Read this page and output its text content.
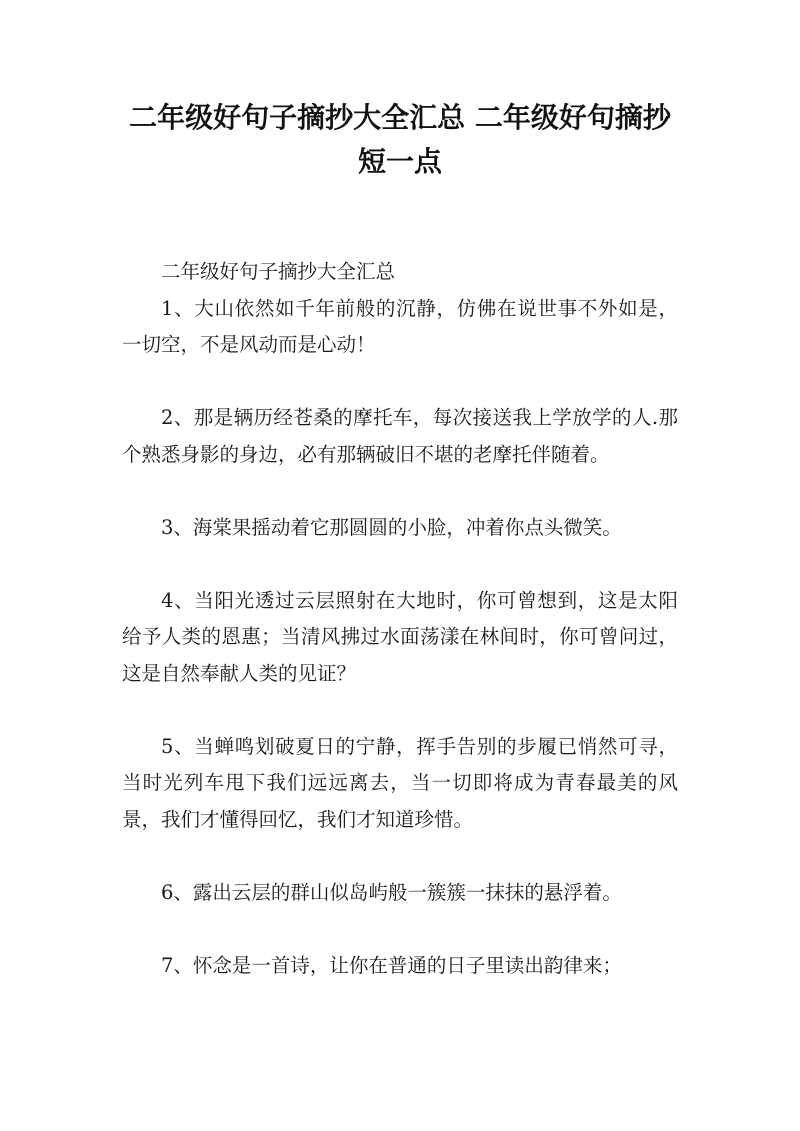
二年级好句子摘抄大全汇总 二年级好句摘抄短一点

二年级好句子摘抄大全汇总

1、大山依然如千年前般的沉静，仿佛在说世事不外如是，一切空，不是风动而是心动！

2、那是辆历经苍桑的摩托车，每次接送我上学放学的人.那个熟悉身影的身边，必有那辆破旧不堪的老摩托伴随着。

3、海棠果摇动着它那圆圆的小脸，冲着你点头微笑。

4、当阳光透过云层照射在大地时，你可曾想到，这是太阳给予人类的恩惠；当清风拂过水面荡漾在林间时，你可曾问过，这是自然奉献人类的见证？

5、当蝉鸣划破夏日的宁静，挥手告别的步履已悄然可寻，当时光列车甩下我们远远离去，当一切即将成为青春最美的风景，我们才懂得回忆，我们才知道珍惜。

6、露出云层的群山似岛屿般一簇簇一抹抹的悬浮着。

7、怀念是一首诗，让你在普通的日子里读出韵律来；
